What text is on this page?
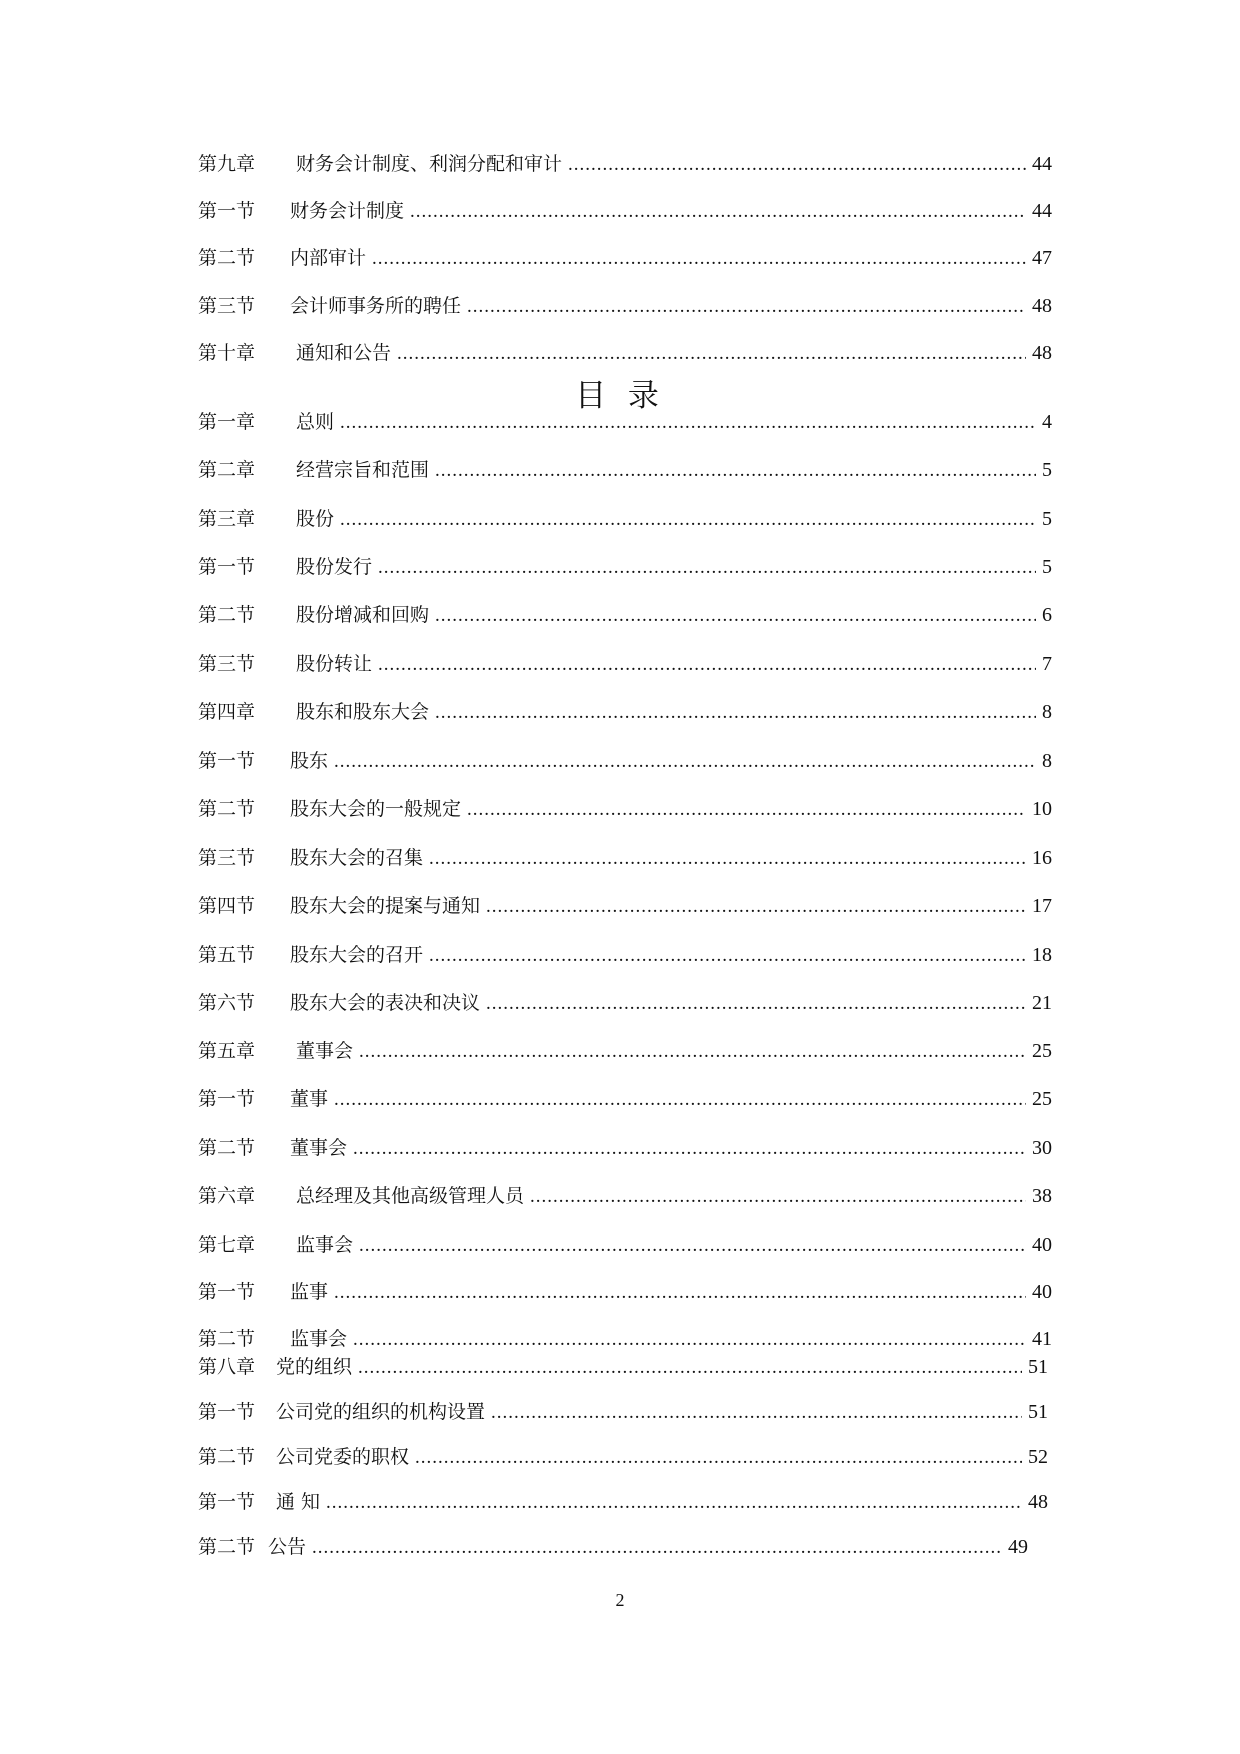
第九章	财务会计制度、利润分配和审计 .....	44
第一节	财务会计制度 .....	44
第二节	内部审计 .....	47
第三节	会计师事务所的聘任 .....	48
第十章	通知和公告 .....	48
目 录
第一章	总则 .....	4
第二章	经营宗旨和范围 .....	5
第三章	股份 .....	5
第一节	股份发行 .....	5
第二节	股份增减和回购 .....	6
第三节	股份转让 .....	7
第四章	股东和股东大会 .....	8
第一节	股东 .....	8
第二节	股东大会的一般规定 .....	10
第三节	股东大会的召集 .....	16
第四节	股东大会的提案与通知 .....	17
第五节	股东大会的召开 .....	18
第六节	股东大会的表决和决议 .....	21
第五章	董事会 .....	25
第一节	董事 .....	25
第二节	董事会 .....	30
第六章	总经理及其他高级管理人员 .....	38
第七章	监事会 .....	40
第一节	监事 .....	40
第二节	监事会 .....	41
第八章	党的组织 .....	51
第一节	公司党的组织的机构设置 .....	51
第二节	公司党委的职权 .....	52
第一节	通 知 .....	48
第二节 公告 .....	49
2
